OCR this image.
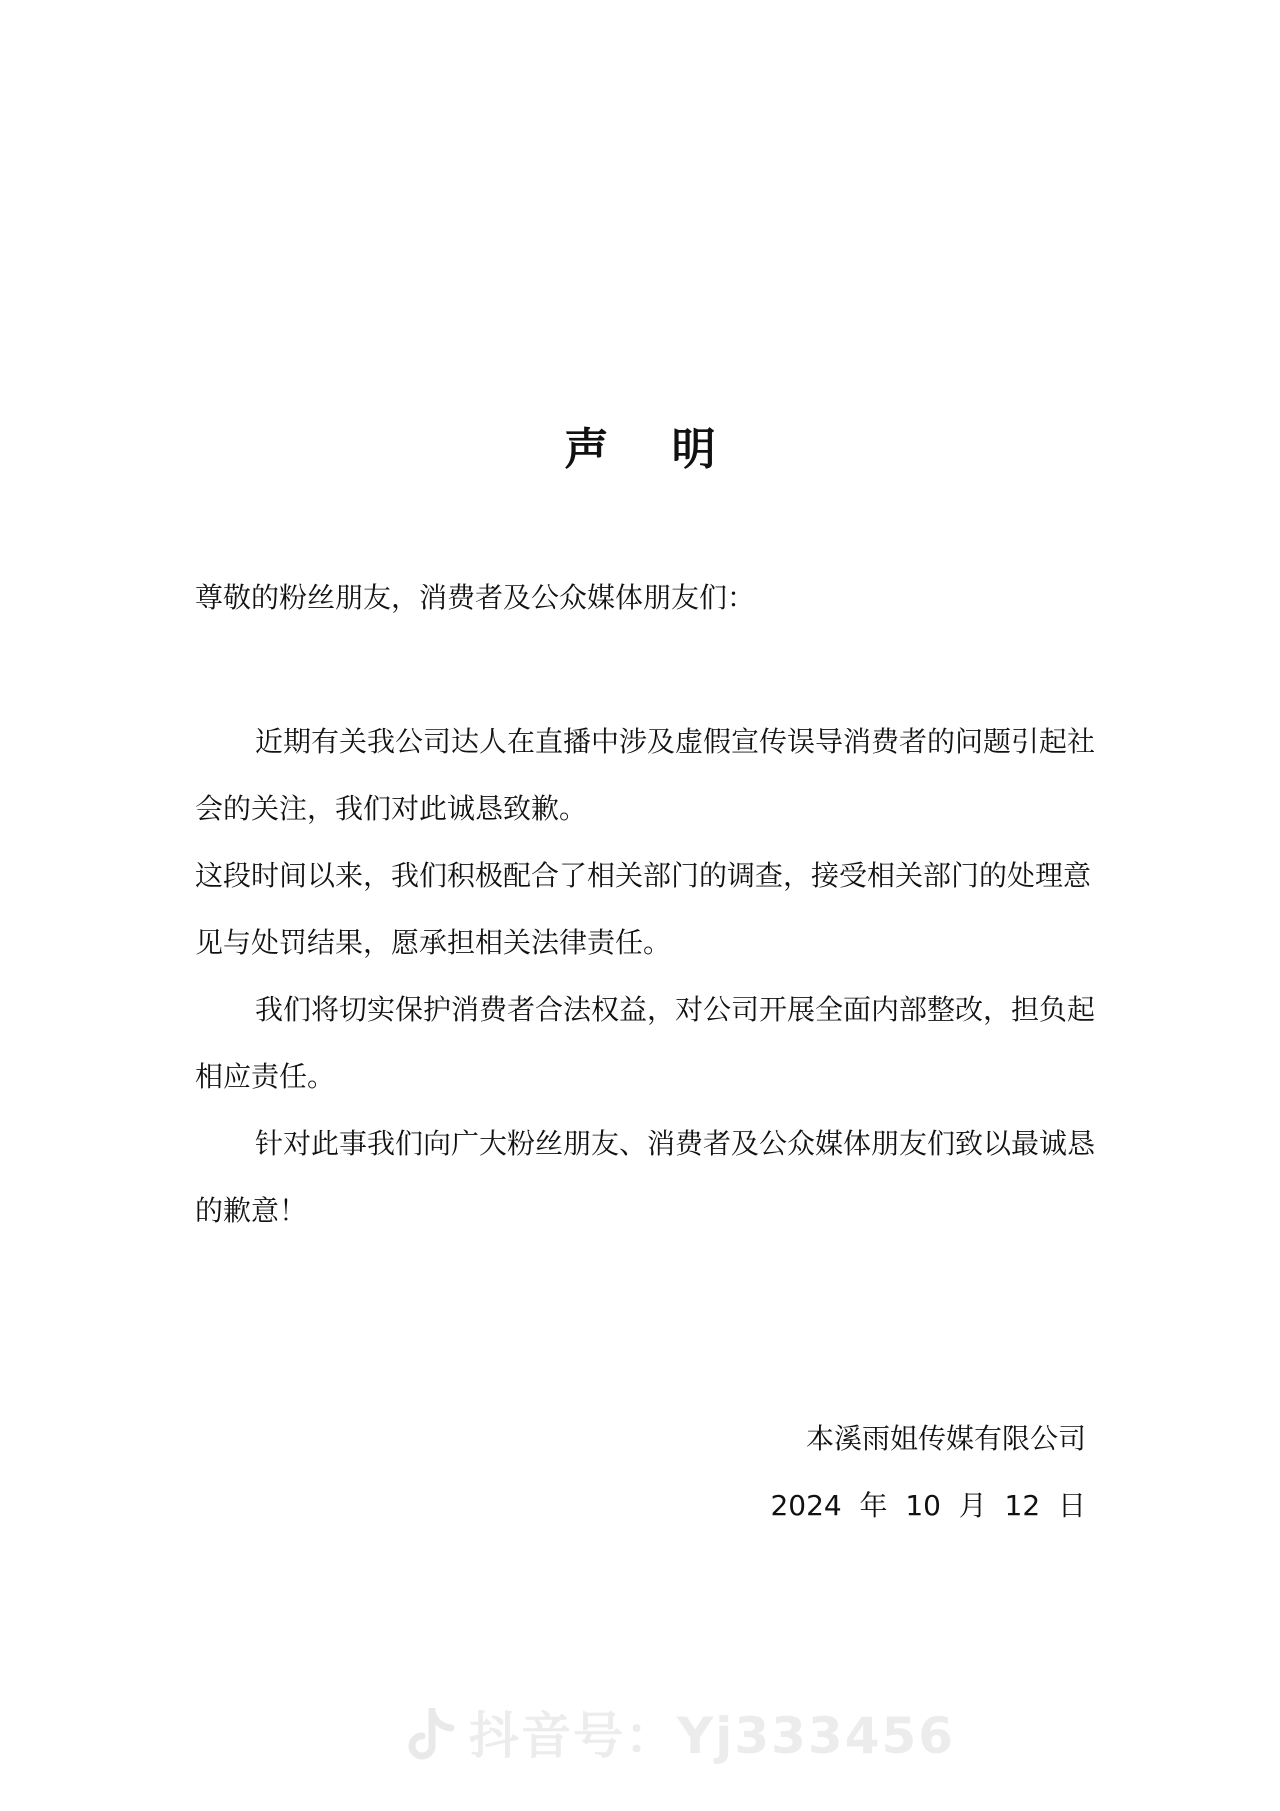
声 明

尊敬的粉丝朋友，消费者及公众媒体朋友们：

近期有关我公司达人在直播中涉及虚假宣传误导消费者的问题引起社会的关注，我们对此诚恳致歉。

这段时间以来，我们积极配合了相关部门的调查，接受相关部门的处理意见与处罚结果，愿承担相关法律责任。

我们将切实保护消费者合法权益，对公司开展全面内部整改，担负起相应责任。

针对此事我们向广大粉丝朋友、消费者及公众媒体朋友们致以最诚恳的歉意！

本溪雨姐传媒有限公司
2024  年  10  月  12  日
抖音号：Yj333456
